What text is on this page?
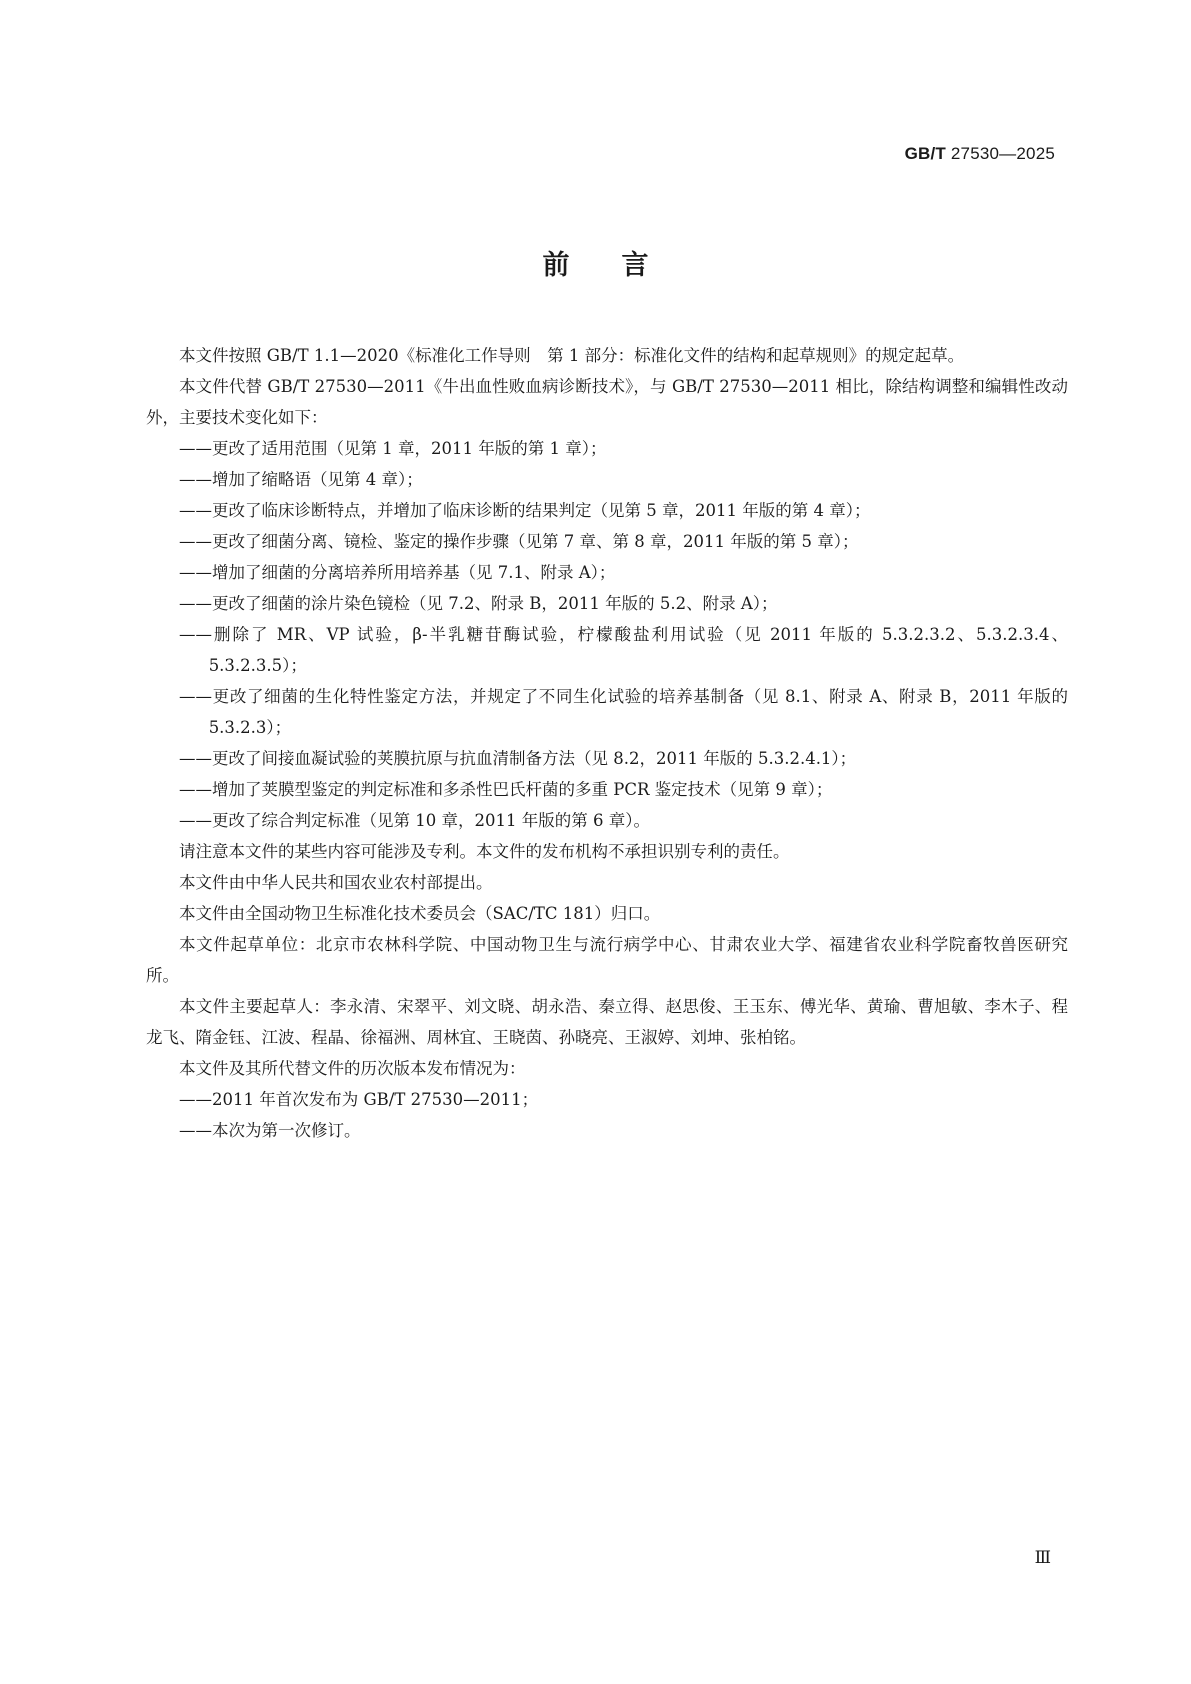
GB/T 27530—2025
前言

本文件按照 GB/T 1.1—2020《标准化工作导则　第 1 部分：标准化文件的结构和起草规则》的规定起草。

本文件代替 GB/T 27530—2011《牛出血性败血病诊断技术》，与 GB/T 27530—2011 相比，除结构调整和编辑性改动外，主要技术变化如下：

——更改了适用范围（见第 1 章，2011 年版的第 1 章）；

——增加了缩略语（见第 4 章）；

——更改了临床诊断特点，并增加了临床诊断的结果判定（见第 5 章，2011 年版的第 4 章）；

——更改了细菌分离、镜检、鉴定的操作步骤（见第 7 章、第 8 章，2011 年版的第 5 章）；

——增加了细菌的分离培养所用培养基（见 7.1、附录 A）；

——更改了细菌的涂片染色镜检（见 7.2、附录 B，2011 年版的 5.2、附录 A）；

——删除了 MR、VP 试验，β-半乳糖苷酶试验，柠檬酸盐利用试验（见 2011 年版的 5.3.2.3.2、5.3.2.3.4、5.3.2.3.5）；

——更改了细菌的生化特性鉴定方法，并规定了不同生化试验的培养基制备（见 8.1、附录 A、附录 B，2011 年版的 5.3.2.3）；

——更改了间接血凝试验的荚膜抗原与抗血清制备方法（见 8.2，2011 年版的 5.3.2.4.1）；

——增加了荚膜型鉴定的判定标准和多杀性巴氏杆菌的多重 PCR 鉴定技术（见第 9 章）；

——更改了综合判定标准（见第 10 章，2011 年版的第 6 章）。

请注意本文件的某些内容可能涉及专利。本文件的发布机构不承担识别专利的责任。

本文件由中华人民共和国农业农村部提出。

本文件由全国动物卫生标准化技术委员会（SAC/TC 181）归口。

本文件起草单位：北京市农林科学院、中国动物卫生与流行病学中心、甘肃农业大学、福建省农业科学院畜牧兽医研究所。

本文件主要起草人：李永清、宋翠平、刘文晓、胡永浩、秦立得、赵思俊、王玉东、傅光华、黄瑜、曹旭敏、李木子、程龙飞、隋金钰、江波、程晶、徐福洲、周林宜、王晓茵、孙晓亮、王淑婷、刘坤、张柏铭。

本文件及其所代替文件的历次版本发布情况为：

——2011 年首次发布为 GB/T 27530—2011；

——本次为第一次修订。

Ⅲ
